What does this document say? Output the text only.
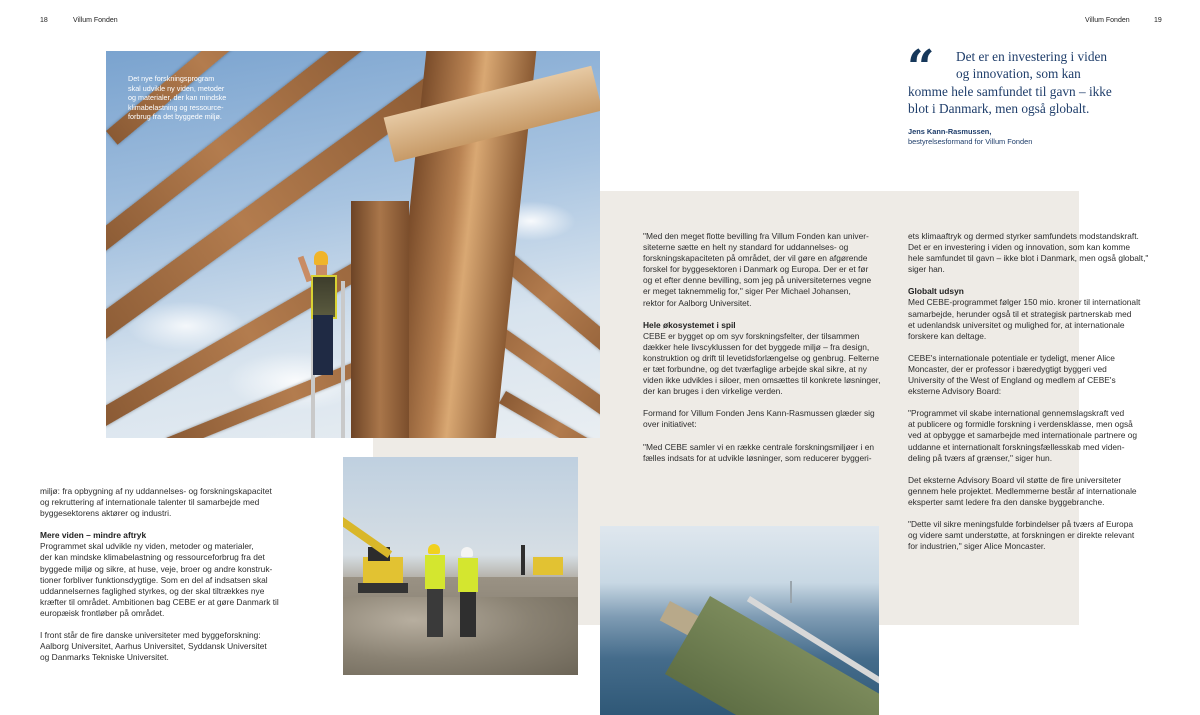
18	Villum Fonden	Villum Fonden	19
Det nye forskningsprogram
skal udvikle ny viden, metoder
og materialer, der kan mindske
klimabelastning og ressource-
forbrug fra det byggede miljø.
“	Det er en investering i viden
og innovation, som kan
komme hele samfundet til gavn – ikke
blot i Danmark, men også globalt.
Jens Kann-Rasmussen,
bestyrelsesformand for Villum Fonden

miljø: fra opbygning af ny uddannelses- og forskningskapacitet
og rekruttering af internationale talenter til samarbejde med
byggesektorens aktører og industri.

Mere viden – mindre aftryk

Programmet skal udvikle ny viden, metoder og materialer,
der kan mindske klimabelastning og ressourceforbrug fra det
byggede miljø og sikre, at huse, veje, broer og andre konstruk-
tioner forbliver funktionsdygtige. Som en del af indsatsen skal
uddannelsernes faglighed styrkes, og der skal tiltrækkes nye
kræfter til området. Ambitionen bag CEBE er at gøre Danmark til
europæisk frontløber på området.

I front står de fire danske universiteter med byggeforskning:
Aalborg Universitet, Aarhus Universitet, Syddansk Universitet
og Danmarks Tekniske Universitet.

"Med den meget flotte bevilling fra Villum Fonden kan univer-
siteterne sætte en helt ny standard for uddannelses- og
forskningskapaciteten på området, der vil gøre en afgørende
forskel for byggesektoren i Danmark og Europa. Der er et før
og et efter denne bevilling, som jeg på universiteternes vegne
er meget taknemmelig for," siger Per Michael Johansen,
rektor for Aalborg Universitet.

Hele økosystemet i spil

CEBE er bygget op om syv forskningsfelter, der tilsammen
dækker hele livscyklussen for det byggede miljø – fra design,
konstruktion og drift til levetidsforlængelse og genbrug. Felterne
er tæt forbundne, og det tværfaglige arbejde skal sikre, at ny
viden ikke udvikles i siloer, men omsættes til konkrete løsninger,
der kan bruges i den virkelige verden.

Formand for Villum Fonden Jens Kann-Rasmussen glæder sig
over initiativet:

"Med CEBE samler vi en række centrale forskningsmiljøer i en
fælles indsats for at udvikle løsninger, som reducerer byggeri-

ets klimaaftryk og dermed styrker samfundets modstandskraft.
Det er en investering i viden og innovation, som kan komme
hele samfundet til gavn – ikke blot i Danmark, men også globalt,"
siger han.

Globalt udsyn

Med CEBE-programmet følger 150 mio. kroner til internationalt
samarbejde, herunder også til et strategisk partnerskab med
et udenlandsk universitet og mulighed for, at internationale
forskere kan deltage.

CEBE's internationale potentiale er tydeligt, mener Alice
Moncaster, der er professor i bæredygtigt byggeri ved
University of the West of England og medlem af CEBE's
eksterne Advisory Board:

"Programmet vil skabe international gennemslagskraft ved
at publicere og formidle forskning i verdensklasse, men også
ved at opbygge et samarbejde med internationale partnere og
uddanne et internationalt forskningsfællesskab med viden-
deling på tværs af grænser," siger hun.

Det eksterne Advisory Board vil støtte de fire universiteter
gennem hele projektet. Medlemmerne består af internationale
eksperter samt ledere fra den danske byggebranche.

"Dette vil sikre meningsfulde forbindelser på tværs af Europa
og videre samt understøtte, at forskningen er direkte relevant
for industrien," siger Alice Moncaster.
